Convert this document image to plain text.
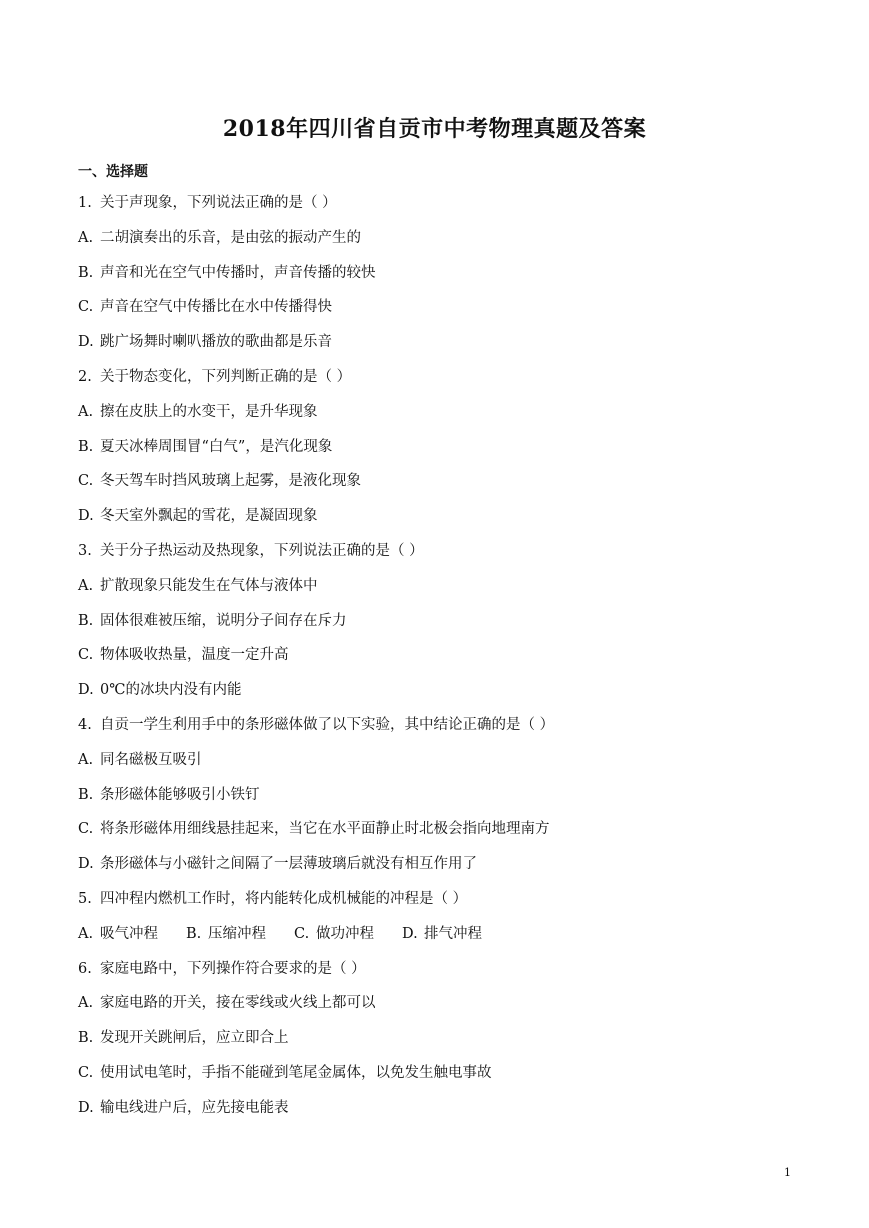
2018年四川省自贡市中考物理真题及答案
一、选择题
1. 关于声现象，下列说法正确的是（ ）
A. 二胡演奏出的乐音，是由弦的振动产生的
B. 声音和光在空气中传播时，声音传播的较快
C. 声音在空气中传播比在水中传播得快
D. 跳广场舞时喇叭播放的歌曲都是乐音
2. 关于物态变化，下列判断正确的是（ ）
A. 擦在皮肤上的水变干，是升华现象
B. 夏天冰棒周围冒“白气”，是汽化现象
C. 冬天驾车时挡风玻璃上起雾，是液化现象
D. 冬天室外飘起的雪花，是凝固现象
3. 关于分子热运动及热现象，下列说法正确的是（ ）
A. 扩散现象只能发生在气体与液体中
B. 固体很难被压缩，说明分子间存在斥力
C. 物体吸收热量，温度一定升高
D. 0℃的冰块内没有内能
4. 自贡一学生利用手中的条形磁体做了以下实验，其中结论正确的是（ ）
A. 同名磁极互吸引
B. 条形磁体能够吸引小铁钉
C. 将条形磁体用细线悬挂起来，当它在水平面静止时北极会指向地理南方
D. 条形磁体与小磁针之间隔了一层薄玻璃后就没有相互作用了
5. 四冲程内燃机工作时，将内能转化成机械能的冲程是（ ）
A. 吸气冲程 B. 压缩冲程 C. 做功冲程 D. 排气冲程
6. 家庭电路中，下列操作符合要求的是（ ）
A. 家庭电路的开关，接在零线或火线上都可以
B. 发现开关跳闸后，应立即合上
C. 使用试电笔时，手指不能碰到笔尾金属体，以免发生触电事故
D. 输电线进户后，应先接电能表
1
